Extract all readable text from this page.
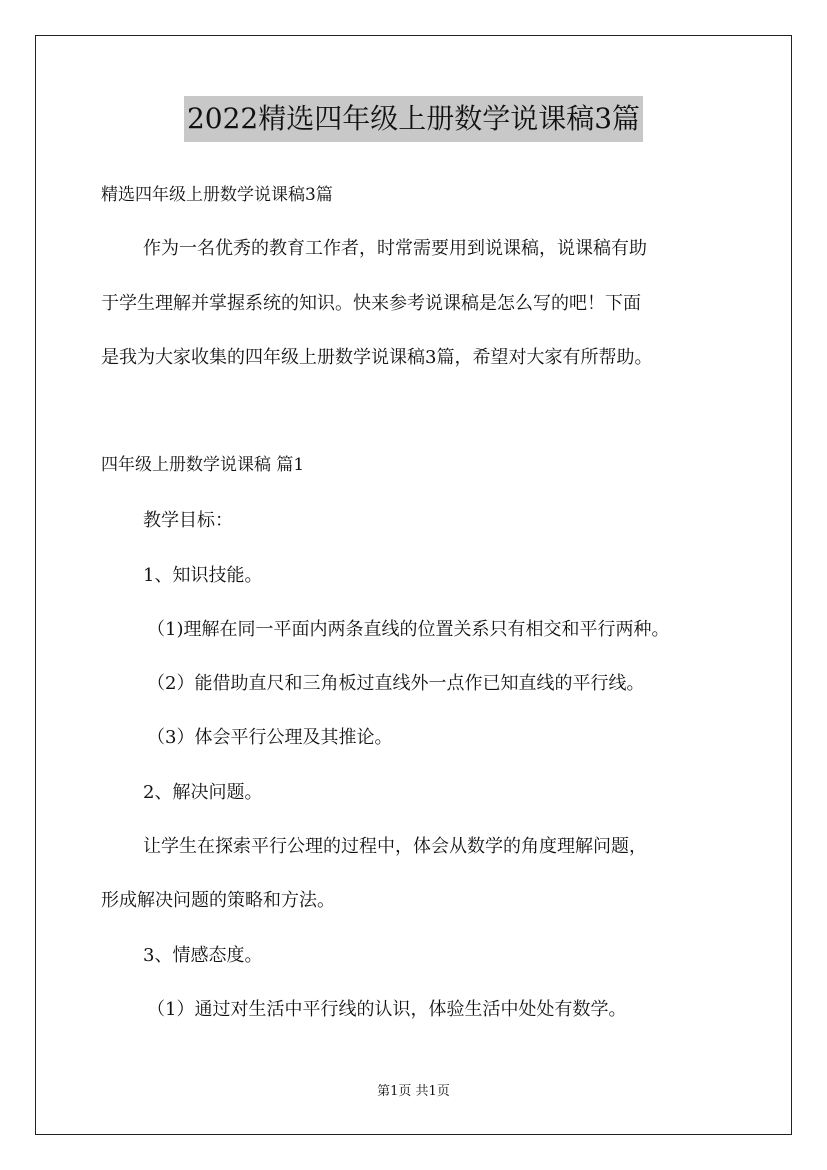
2022精选四年级上册数学说课稿3篇
精选四年级上册数学说课稿3篇
作为一名优秀的教育工作者，时常需要用到说课稿，说课稿有助
于学生理解并掌握系统的知识。快来参考说课稿是怎么写的吧！下面
是我为大家收集的四年级上册数学说课稿3篇，希望对大家有所帮助。
四年级上册数学说课稿 篇1
教学目标：
1、知识技能。
（1)理解在同一平面内两条直线的位置关系只有相交和平行两种。
（2）能借助直尺和三角板过直线外一点作已知直线的平行线。
（3）体会平行公理及其推论。
2、解决问题。
让学生在探索平行公理的过程中，体会从数学的角度理解问题，
形成解决问题的策略和方法。
3、情感态度。
（1）通过对生活中平行线的认识，体验生活中处处有数学。
第1页 共1页
